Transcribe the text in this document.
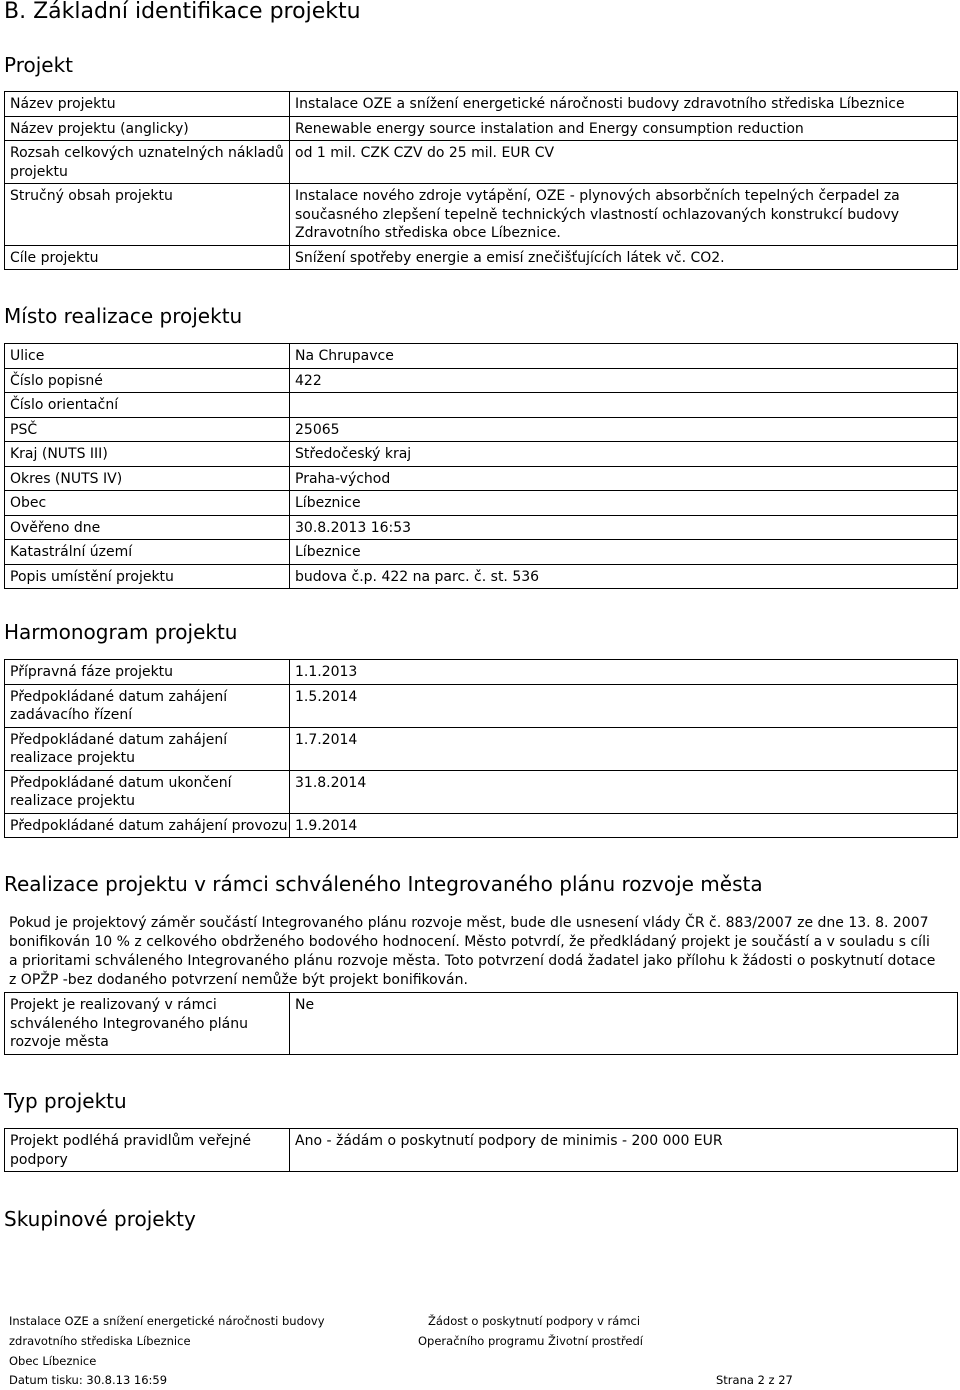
B. Základní identifikace projektu
Projekt
Název projektu	Instalace OZE a snížení energetické náročnosti budovy zdravotního střediska Líbeznice
Název projektu (anglicky)	Renewable energy source instalation and Energy consumption reduction
Rozsah celkových uznatelných nákladů projektu	od 1 mil. CZK CZV do 25 mil. EUR CV
Stručný obsah projektu	Instalace nového zdroje vytápění, OZE - plynových absorbčních tepelných čerpadel za současného zlepšení tepelně technických vlastností ochlazovaných konstrukcí budovy Zdravotního střediska obce Líbeznice.
Cíle projektu	Snížení spotřeby energie a emisí znečišťujících látek vč. CO2.
Místo realizace projektu
Ulice	Na Chrupavce
Číslo popisné	422
Číslo orientační	
PSČ	25065
Kraj (NUTS III)	Středočeský kraj
Okres (NUTS IV)	Praha-východ
Obec	Líbeznice
Ověřeno dne	30.8.2013 16:53
Katastrální území	Líbeznice
Popis umístění projektu	budova č.p. 422 na parc. č. st. 536
Harmonogram projektu
Přípravná fáze projektu	1.1.2013
Předpokládané datum zahájení zadávacího řízení	1.5.2014
Předpokládané datum zahájení realizace projektu	1.7.2014
Předpokládané datum ukončení realizace projektu	31.8.2014
Předpokládané datum zahájení provozu	1.9.2014
Realizace projektu v rámci schváleného Integrovaného plánu rozvoje města

Pokud je projektový záměr součástí Integrovaného plánu rozvoje měst, bude dle usnesení vlády ČR č. 883/2007 ze dne 13. 8. 2007 bonifikován 10 % z celkového obdrženého bodového hodnocení. Město potvrdí, že předkládaný projekt je součástí a v souladu s cíli a prioritami schváleného Integrovaného plánu rozvoje města. Toto potvrzení dodá žadatel jako přílohu k žádosti o poskytnutí dotace z OPŽP -bez dodaného potvrzení nemůže být projekt bonifikován.

Projekt je realizovaný v rámci schváleného Integrovaného plánu rozvoje města	Ne
Typ projektu
Projekt podléhá pravidlům veřejné podpory	Ano - žádám o poskytnutí podpory de minimis - 200 000 EUR
Skupinové projekty
Instalace OZE a snížení energetické náročnosti budovy
zdravotního střediska Líbeznice
Obec Líbeznice
Žádost o poskytnutí podpory v rámci
Operačního programu Životní prostředí
Datum tisku: 30.8.13 16:59	Strana 2 z 27
